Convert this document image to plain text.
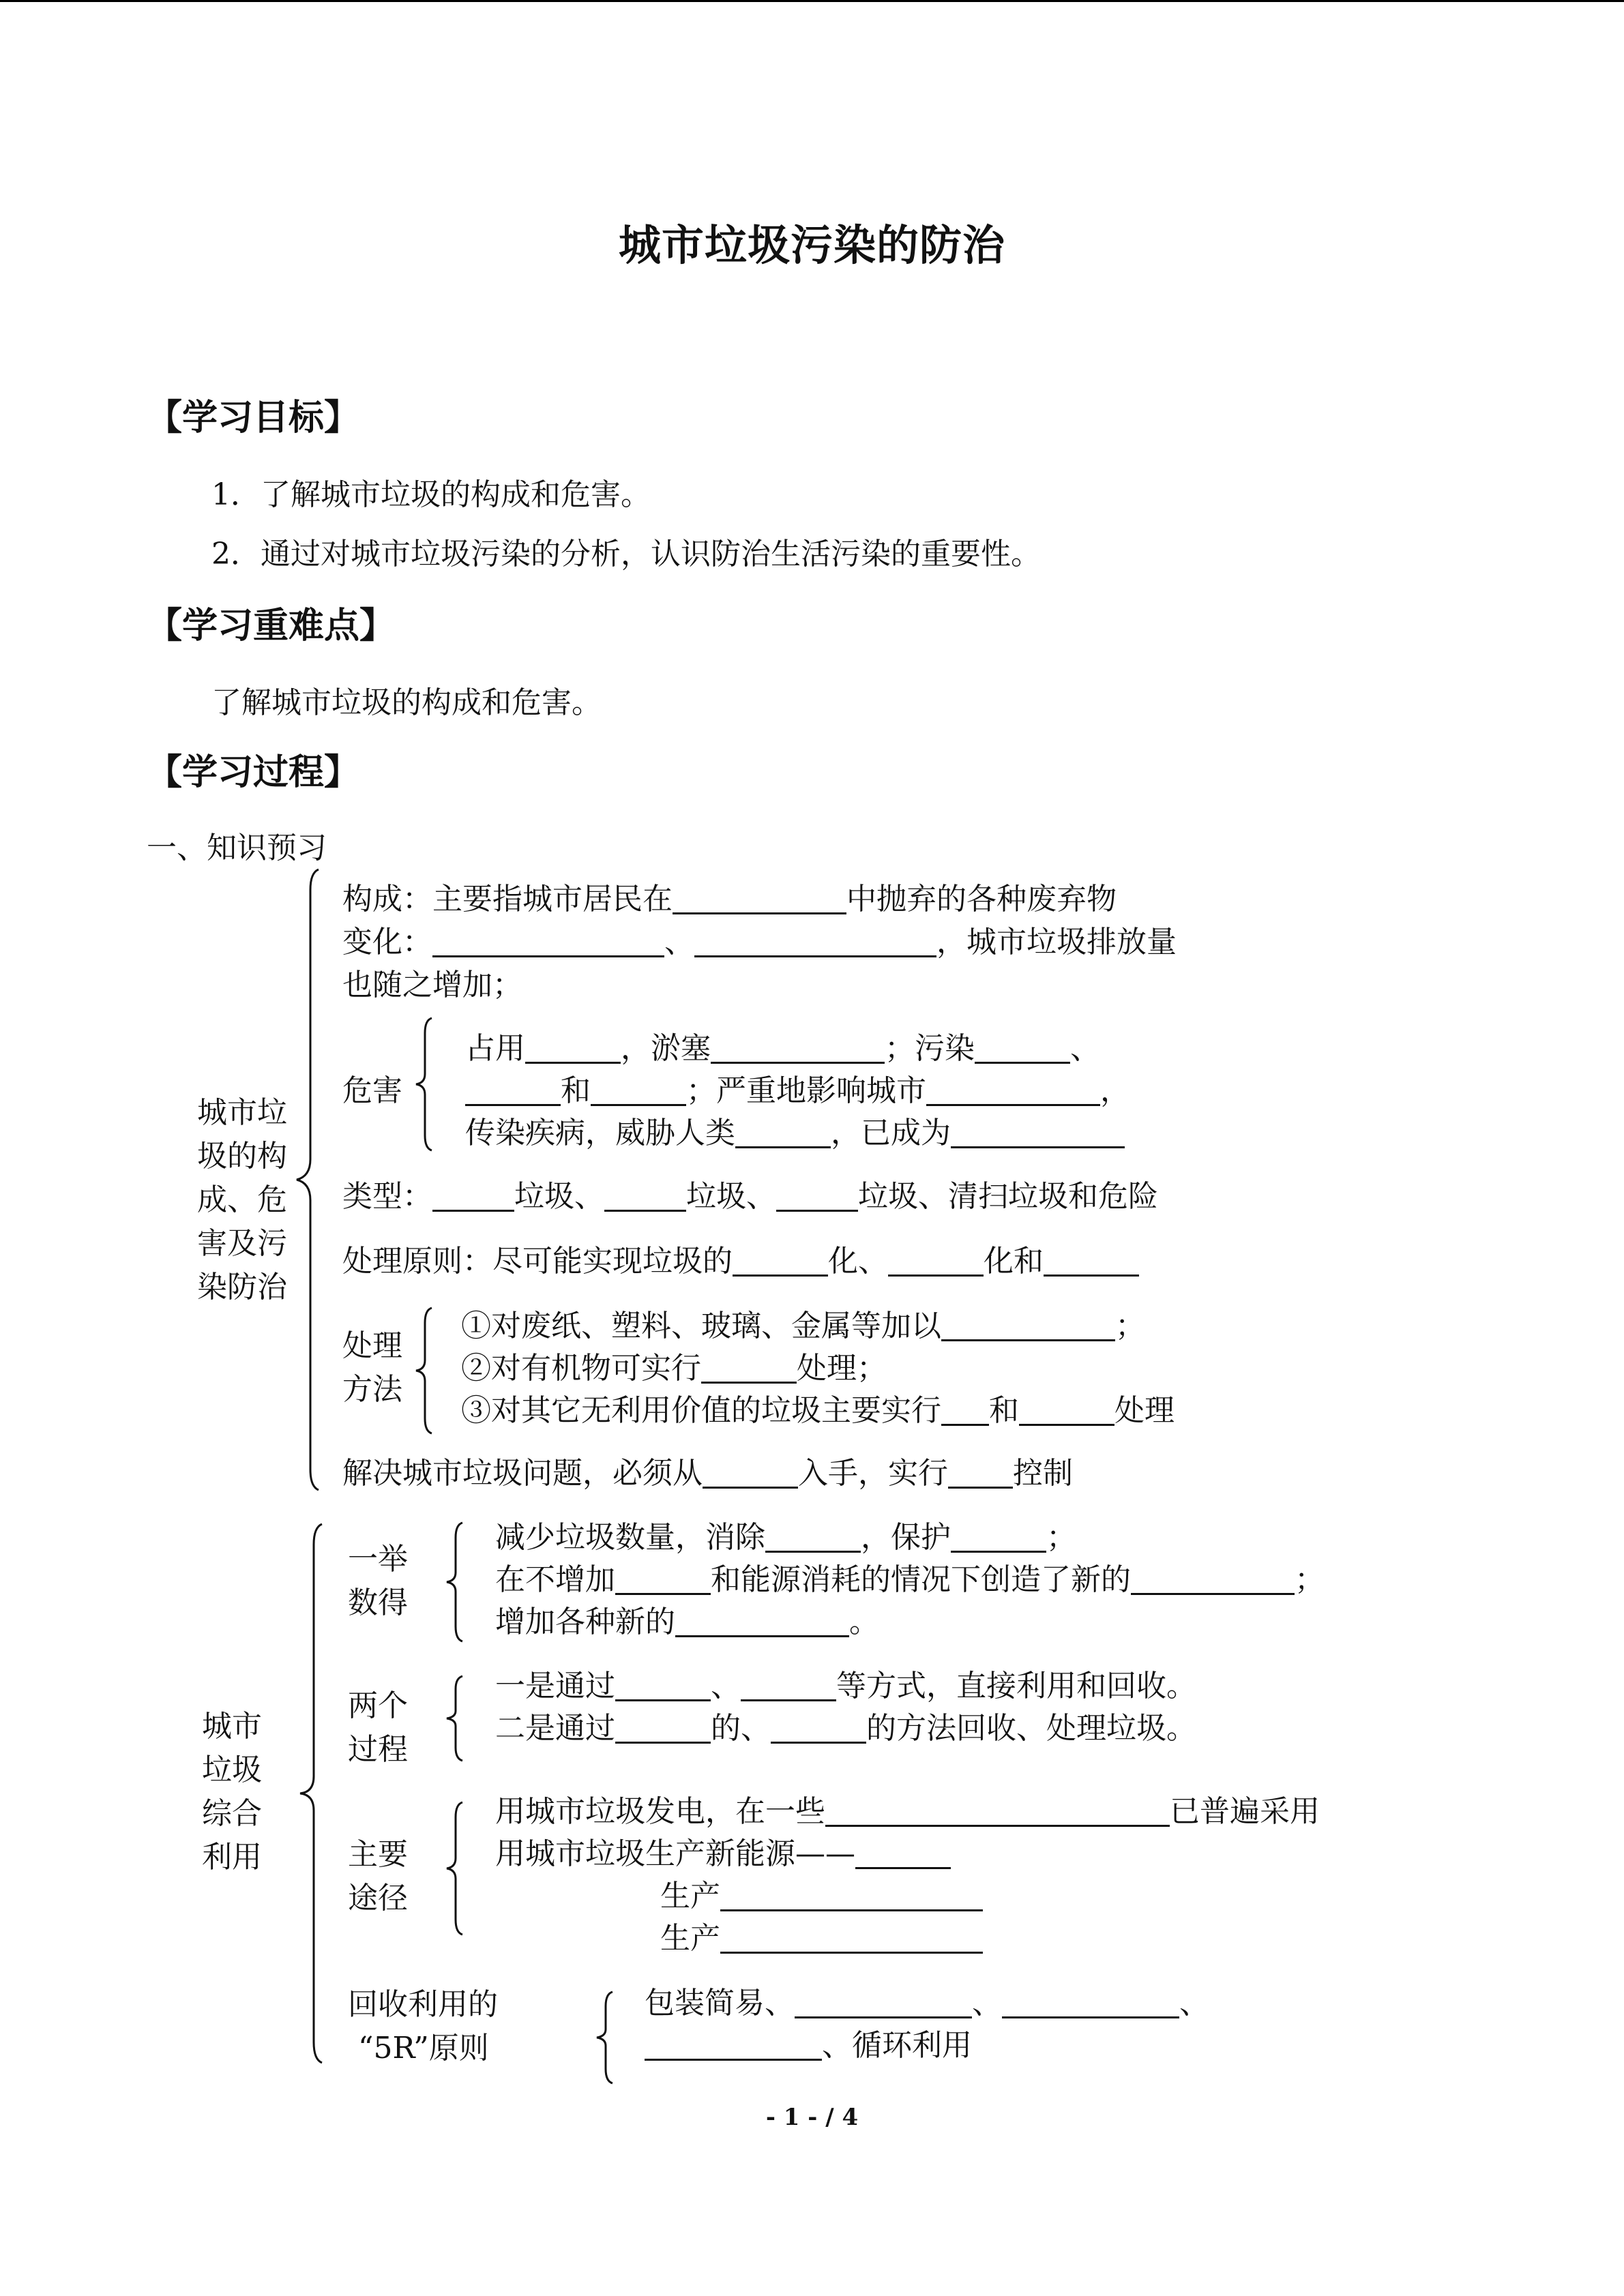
城市垃圾污染的防治
【学习目标】
1．了解城市垃圾的构成和危害。
2．通过对城市垃圾污染的分析，认识防治生活污染的重要性。
【学习重难点】
了解城市垃圾的构成和危害。
【学习过程】
一、知识预习
城市垃圾的构成、危害及污染防治
构成：主要指城市居民在	中抛弃的各种废弃物
变化：	、	，城市垃圾排放量
也随之增加；
危害
占用	，淤塞	；污染	、
和	；严重地影响城市	，
传染疾病，威胁人类	，已成为
类型：	垃圾、	垃圾、	垃圾、清扫垃圾和危险
处理原则：尽可能实现垃圾的	化、	化和
处理方法
①对废纸、塑料、玻璃、金属等加以	；
②对有机物可实行	处理；
③对其它无利用价值的垃圾主要实行 和	处理
解决城市垃圾问题，必须从	入手，实行 控制
城市垃圾综合利用
一举数得
减少垃圾数量，消除	，保护	；
在不增加	和能源消耗的情况下创造了新的	；
增加各种新的	。
两个过程
一是通过	、	等方式，直接利用和回收。
二是通过	的、	的方法回收、处理垃圾。
主要途径
用城市垃圾发电，在一些	已普遍采用
用城市垃圾生产新能源——
生产
生产
回收利用的
“5R”原则
包装简易、	、	、
、循环利用
- 1 - / 4
